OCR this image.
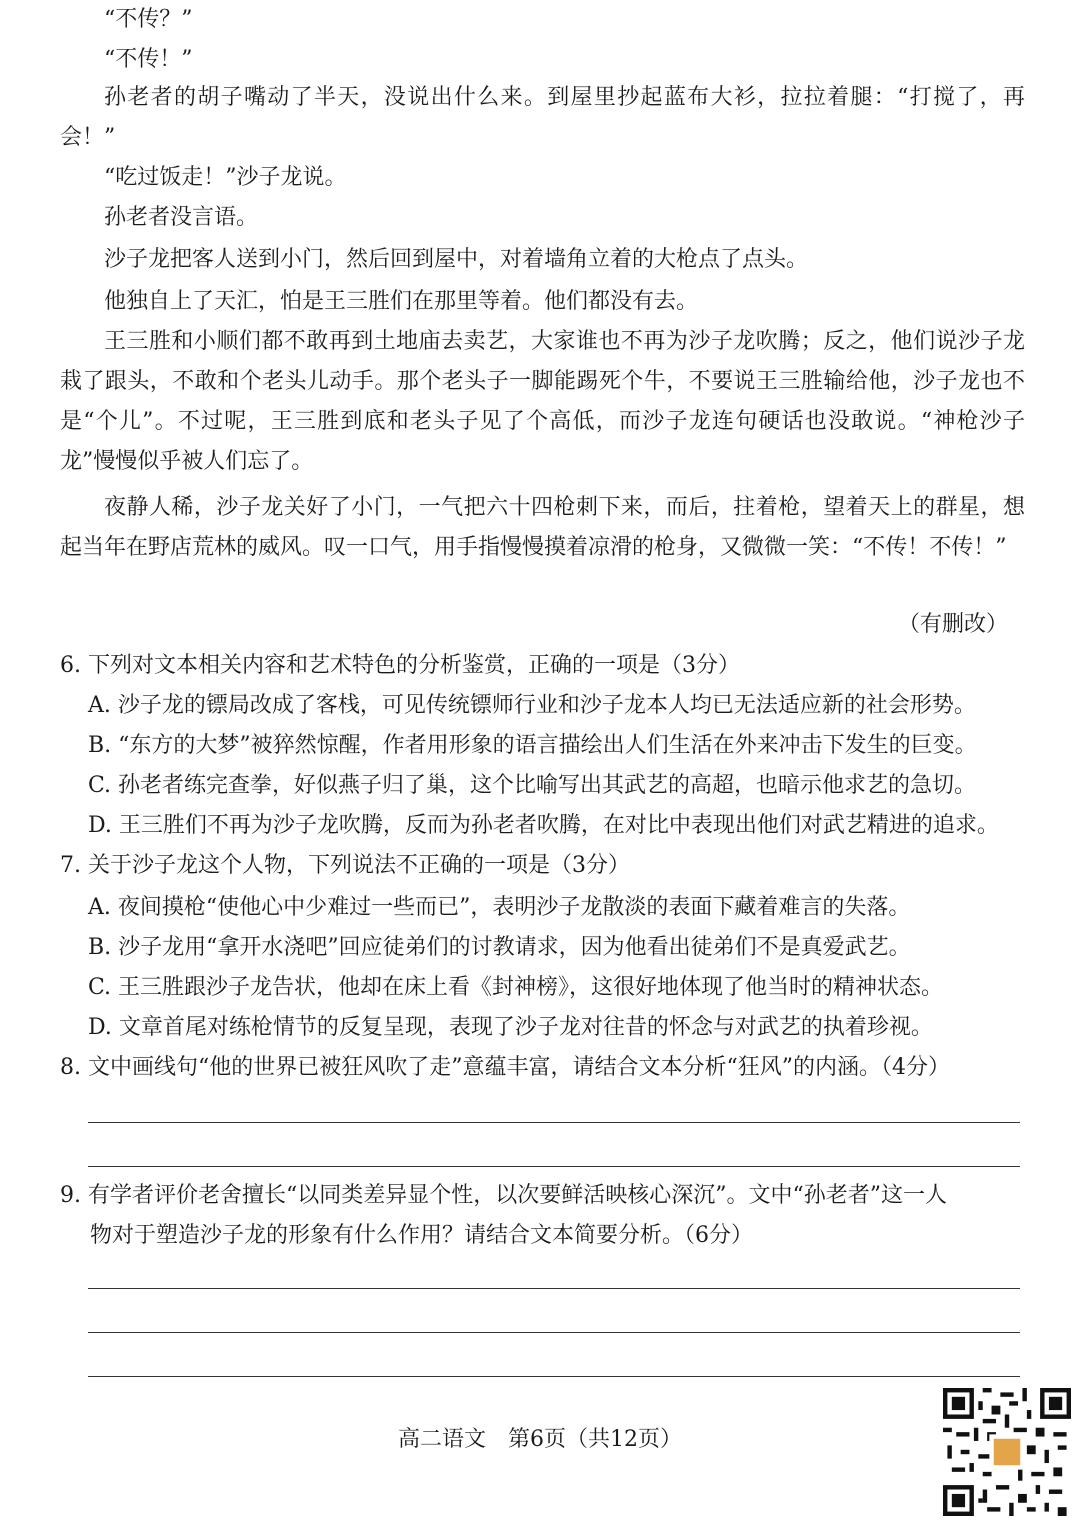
“不传？”

“不传！”

孙老者的胡子嘴动了半天，没说出什么来。到屋里抄起蓝布大衫，拉拉着腿：“打搅了，再会！”

“吃过饭走！”沙子龙说。

孙老者没言语。

沙子龙把客人送到小门，然后回到屋中，对着墙角立着的大枪点了点头。

他独自上了天汇，怕是王三胜们在那里等着。他们都没有去。

王三胜和小顺们都不敢再到土地庙去卖艺，大家谁也不再为沙子龙吹腾；反之，他们说沙子龙栽了跟头，不敢和个老头儿动手。那个老头子一脚能踢死个牛，不要说王三胜输给他，沙子龙也不是“个儿”。不过呢，王三胜到底和老头子见了个高低，而沙子龙连句硬话也没敢说。“神枪沙子龙”慢慢似乎被人们忘了。

夜静人稀，沙子龙关好了小门，一气把六十四枪刺下来，而后，拄着枪，望着天上的群星，想起当年在野店荒林的威风。叹一口气，用手指慢慢摸着凉滑的枪身，又微微一笑：“不传！不传！”

（有删改）

6. 下列对文本相关内容和艺术特色的分析鉴赏，正确的一项是（3分）

A. 沙子龙的镖局改成了客栈，可见传统镖师行业和沙子龙本人均已无法适应新的社会形势。

B. “东方的大梦”被猝然惊醒，作者用形象的语言描绘出人们生活在外来冲击下发生的巨变。

C. 孙老者练完查拳，好似燕子归了巢，这个比喻写出其武艺的高超，也暗示他求艺的急切。

D. 王三胜们不再为沙子龙吹腾，反而为孙老者吹腾，在对比中表现出他们对武艺精进的追求。

7. 关于沙子龙这个人物，下列说法不正确的一项是（3分）

A. 夜间摸枪“使他心中少难过一些而已”，表明沙子龙散淡的表面下藏着难言的失落。

B. 沙子龙用“拿开水浇吧”回应徒弟们的讨教请求，因为他看出徒弟们不是真爱武艺。

C. 王三胜跟沙子龙告状，他却在床上看《封神榜》，这很好地体现了他当时的精神状态。

D. 文章首尾对练枪情节的反复呈现，表现了沙子龙对往昔的怀念与对武艺的执着珍视。

8. 文中画线句“他的世界已被狂风吹了走”意蕴丰富，请结合文本分析“狂风”的内涵。（4分）

9. 有学者评价老舍擅长“以同类差异显个性，以次要鲜活映核心深沉”。文中“孙老者”这一人
物对于塑造沙子龙的形象有什么作用？请结合文本简要分析。（6分）

高二语文　第6页（共12页）
